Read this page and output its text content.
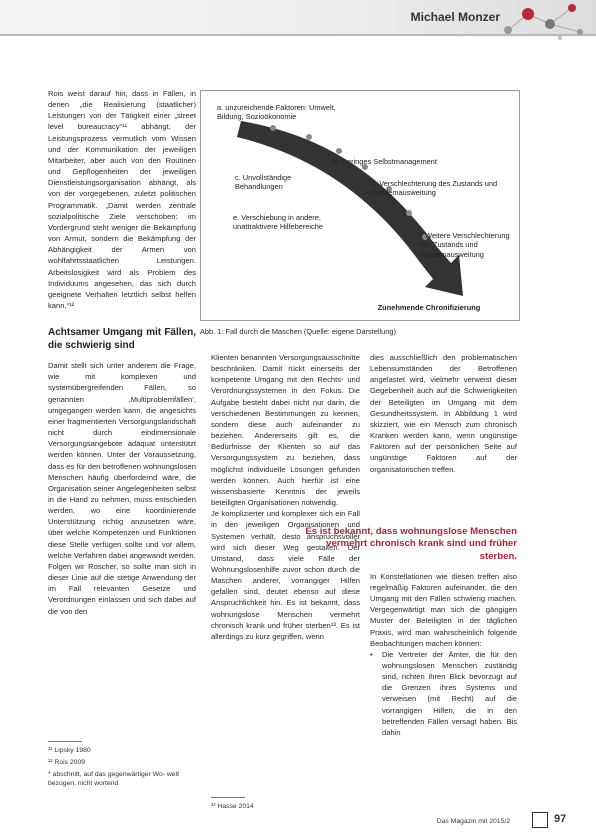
Michael Monzer

Rois weist darauf hin, dass in Fällen, in denen „die Realisierung (staatlicher) Leistungen von der Tätigkeit einer „street level bureaucracy“¹¹ abhängt, der Leistungsprozess vermutlich vom Wissen und der Kommunikation der jeweiligen Mitarbeiter, aber auch von den Routinen und Gepflogenheiten der jeweiligen Dienstleistungsorganisation abhängt, als von der vorgegebenen, zuletzt politischen Programmatik. „Damit werden zentrale sozialpolitische Ziele verschoben: im Vordergrund steht weniger die Bekämpfung von Armut, sondern die Bekämpfung der Abhängigkeit der Armen von wohlfahrtsstaatlichen Leistungen. Arbeitslosigkeit wird als Problem des Individuums angesehen, das sich durch geeignete Verhalten letztlich selbst helfen kann.“¹²

Achtsamer Umgang mit Fällen, die schwierig sind

Damit stellt sich unter anderem die Frage, wie mit komplexen und systemübergreifenden Fällen, so genannten ‚Multiproblemfällen‘, umgegangen werden kann, die angesichts einer fragmentierten Versorgungslandschaft nicht durch eindimensionale Versorgungsangebote adäquat unterstützt werden können. Unter der Voraussetzung, dass es für den betroffenen wohnungslosen Menschen häufig überfordernd wäre, die Organisation seiner Angelegenheiten selbst in die Hand zu nehmen, muss entschieden werden, wo eine koordinierende Unterstützung richtig anzusetzen wäre, über welche Kompetenzen und Funktionen diese Stelle verfügen sollte und vor allem, welche Verfahren dabei angewandt werden.

Folgen wir Roscher, so sollte man sich in dieser Linie auf die stetige Anwendung der im Fall relevanten Gesetze und Verordnungen einlassen und sich dabei auf die von den

a. unzureichende Faktoren: Umwelt, Bildung, Sozioökonomie
b. Geringes Selbstmanagement
c. Unvollständige Behandlungen	d. Verschlechterung des Zustands und Problemausweitung
e. Verschiebung in andere, unattraktivere Hilfebereiche
f. Weitere Verschlechterung des Zustands und Problemausweitung
Zunehmende Chronifizierung
Abb. 1: Fall durch die Maschen (Quelle: eigene Darstellung)

Klienten benannten Versorgungsausschnitte beschränken. Damit rückt einerseits der kompetente Umgang mit den Rechts- und Verordnungssystemen in den Fokus. Die Aufgabe besteht dabei nicht nur darin, die verschiedenen Bestimmungen zu kennen, sondern diese auch aufeinander zu beziehen. Andererseits gilt es, die Bedürfnisse der Klienten so auf das Versorgungssystem zu beziehen, dass möglichst individuelle Lösungen gefunden werden können. Auch hierfür ist eine wissensbasierte Kenntnis der jeweils beteiligten Organisationen notwendig.

Je komplizierter und komplexer sich ein Fall in den jeweiligen Organisationen und Systemen verhält, desto anspruchsvoller wird sich dieser Weg gestalten. Der Umstand, dass viele Fälle der Wohnungslosenhilfe zuvor schon durch die Maschen anderer, vorrangiger Hilfen gefallen sind, deutet ebenso auf diese Anspruchlichkeit hin. Es ist bekannt, dass wohnungslose Menschen vermehrt chronisch krank und früher sterben¹³. Es ist allerdings zu kurz gegriffen, wenn

dies ausschließlich den problematischen Lebensumständen der Betroffenen angelastet wird, vielmehr verweist dieser Gegebenheit auch auf die Schwierigkeiten der Beteiligten im Umgang mit dem Gesundheitssystem. In Abbildung 1 wird skizziert, wie ein Mensch zum chronisch Kranken werden kann, wenn ungünstige Faktoren auf der persönlichen Seite auf ungünstige Faktoren auf der organisatorischen treffen.

In Konstellationen wie diesen treffen also regelmäßig Faktoren aufeinander, die den Umgang mit den Fällen schwierig machen. Vergegenwärtigt man sich die gängigen Muster der Beteiligten in der täglichen Praxis, wird man wahrscheinlich folgende Beobachtungen machen können:

• Die Vertreter der Ämter, die für den wohnungslosen Menschen zuständig sind, richten ihren Blick bevorzugt auf die Grenzen ihres Systems und verweisen (mit Recht) auf die vorrangigen Hilfen, die in den betreffenden Fällen versagt haben. Bis dahin

Es ist bekannt, dass wohnungslose Menschen vermehrt chronisch krank sind und früher sterben.
¹¹ Lipsky 1980
¹² Rois 2009
* abschnitt, auf das gegenwärtiger Wo- weit bezogen, nicht wortend
¹³ Hasse 2014
Das Magazin mit 2015/2	97
